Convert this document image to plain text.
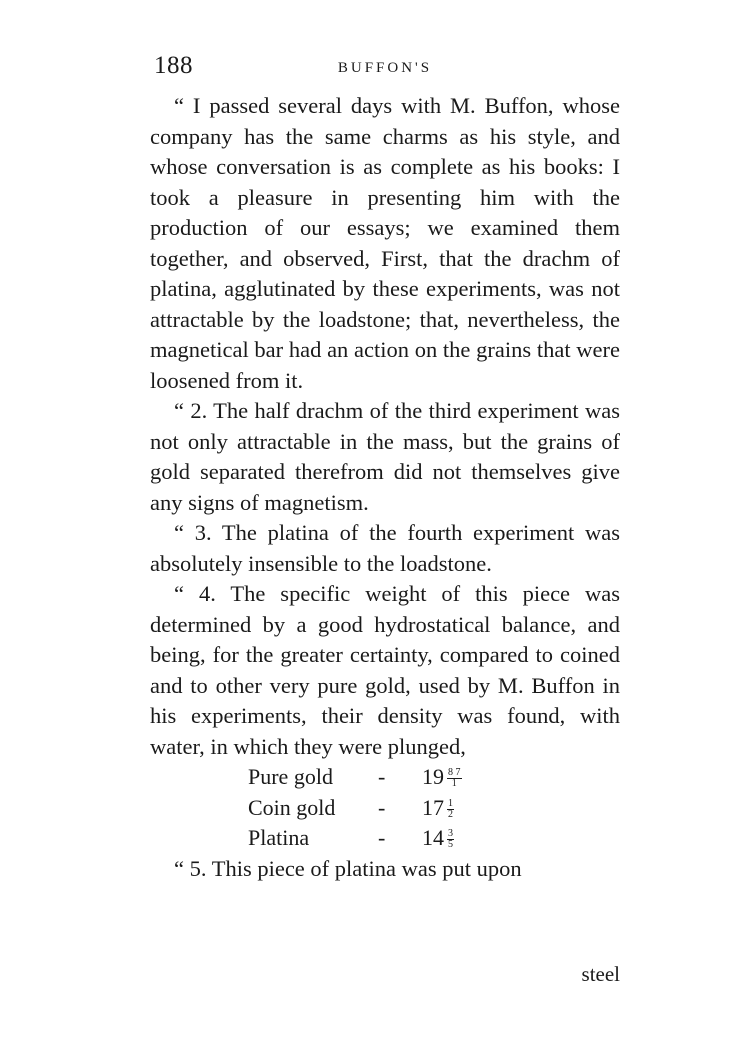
188	BUFFON'S

“ I passed several days with M. Buffon, whose company has the same charms as his style, and whose conversation is as complete as his books: I took a pleasure in presenting him with the production of our essays; we examined them together, and observed, First, that the drachm of platina, agglutinated by these experiments, was not attractable by the loadstone; that, nevertheless, the magnetical bar had an action on the grains that were loosened from it.

“ 2. The half drachm of the third experiment was not only attractable in the mass, but the grains of gold separated therefrom did not themselves give any signs of magnetism.

“ 3. The platina of the fourth experiment was absolutely insensible to the loadstone.

“ 4. The specific weight of this piece was determined by a good hydrostatical balance, and being, for the greater certainty, compared to coined and to other very pure gold, used by M. Buffon in his experiments, their density was found, with water, in which they were plunged,

Pure gold	-	$19 \frac{8 7}{1}$

Coin gold	-	$17 \frac{1}{2}$

Platina	-	$14 \frac{3}{5}$

“ 5. This piece of platina was put upon

steel
